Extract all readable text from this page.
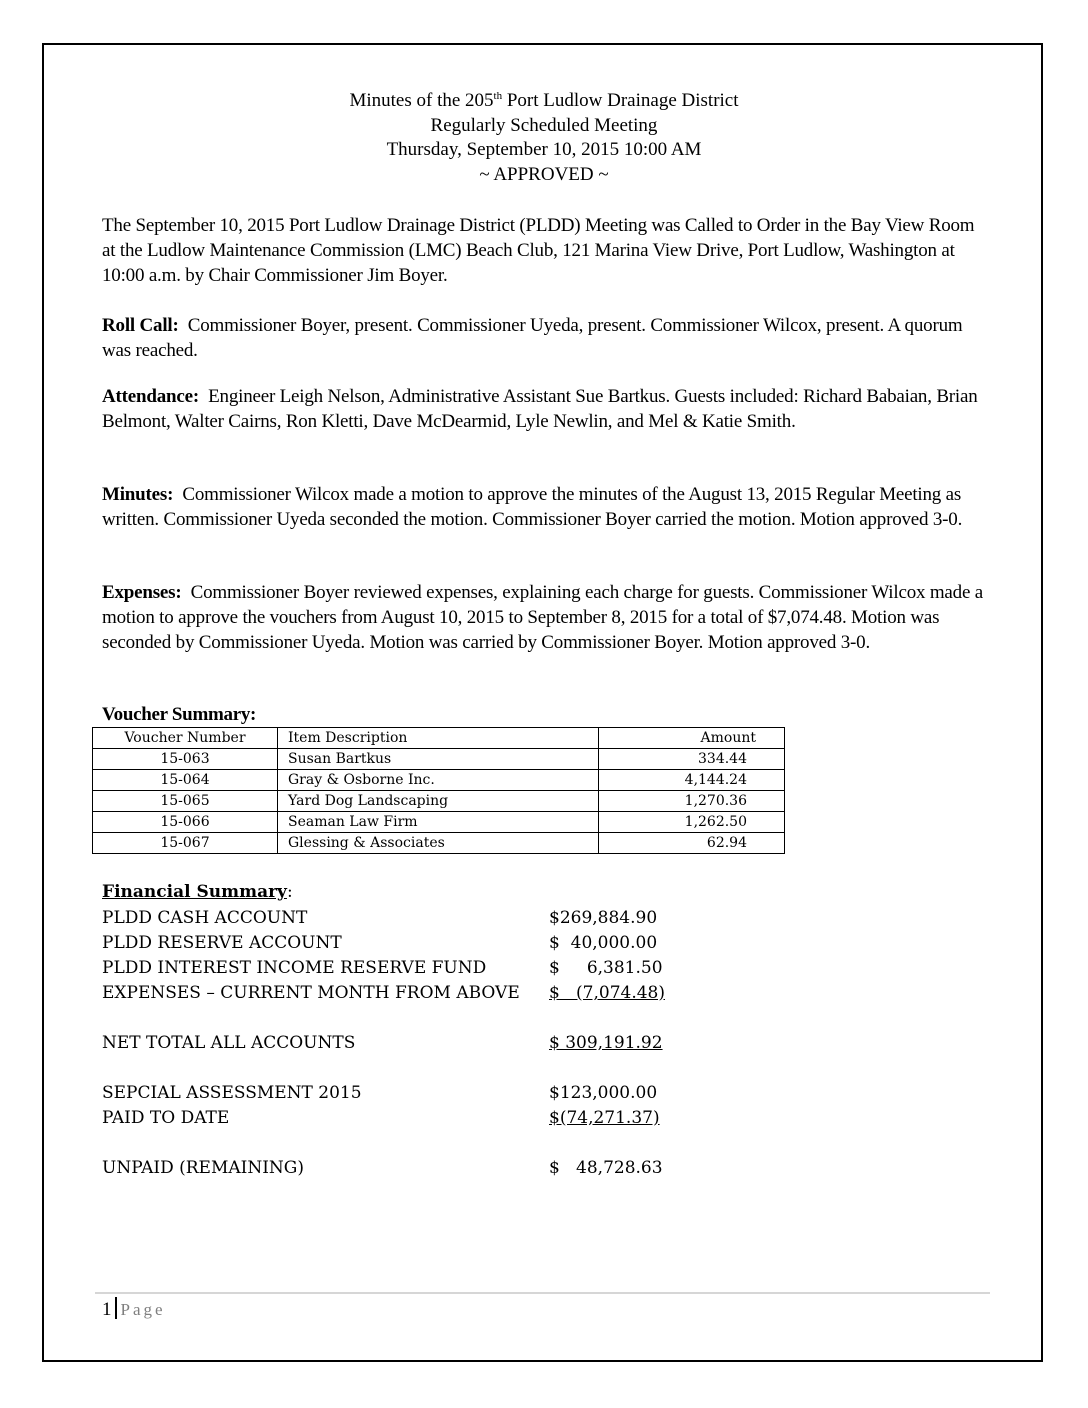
Minutes of the 205th Port Ludlow Drainage District
Regularly Scheduled Meeting
Thursday, September 10, 2015 10:00 AM
~ APPROVED ~
The September 10, 2015 Port Ludlow Drainage District (PLDD) Meeting was Called to Order in the Bay View Room at the Ludlow Maintenance Commission (LMC) Beach Club, 121 Marina View Drive, Port Ludlow, Washington at 10:00 a.m. by Chair Commissioner Jim Boyer.
Roll Call: Commissioner Boyer, present. Commissioner Uyeda, present. Commissioner Wilcox, present. A quorum was reached.
Attendance: Engineer Leigh Nelson, Administrative Assistant Sue Bartkus. Guests included: Richard Babaian, Brian Belmont, Walter Cairns, Ron Kletti, Dave McDearmid, Lyle Newlin, and Mel & Katie Smith.
Minutes: Commissioner Wilcox made a motion to approve the minutes of the August 13, 2015 Regular Meeting as written. Commissioner Uyeda seconded the motion. Commissioner Boyer carried the motion. Motion approved 3-0.
Expenses: Commissioner Boyer reviewed expenses, explaining each charge for guests. Commissioner Wilcox made a motion to approve the vouchers from August 10, 2015 to September 8, 2015 for a total of $7,074.48. Motion was seconded by Commissioner Uyeda. Motion was carried by Commissioner Boyer. Motion approved 3-0.
Voucher Summary:
Voucher Number	Item Description	Amount
15-063	Susan Bartkus	334.44
15-064	Gray & Osborne Inc.	4,144.24
15-065	Yard Dog Landscaping	1,270.36
15-066	Seaman Law Firm	1,262.50
15-067	Glessing & Associates	62.94
Financial Summary:
PLDD CASH ACCOUNT	$269,884.90
PLDD RESERVE ACCOUNT	$  40,000.00
PLDD INTEREST INCOME RESERVE FUND	$     6,381.50
EXPENSES – CURRENT MONTH FROM ABOVE $   (7,074.48)
NET TOTAL ALL ACCOUNTS	$ 309,191.92
SEPCIAL ASSESSMENT 2015	$123,000.00
PAID TO DATE	$(74,271.37)
UNPAID (REMAINING)	$   48,728.63
1 Page
